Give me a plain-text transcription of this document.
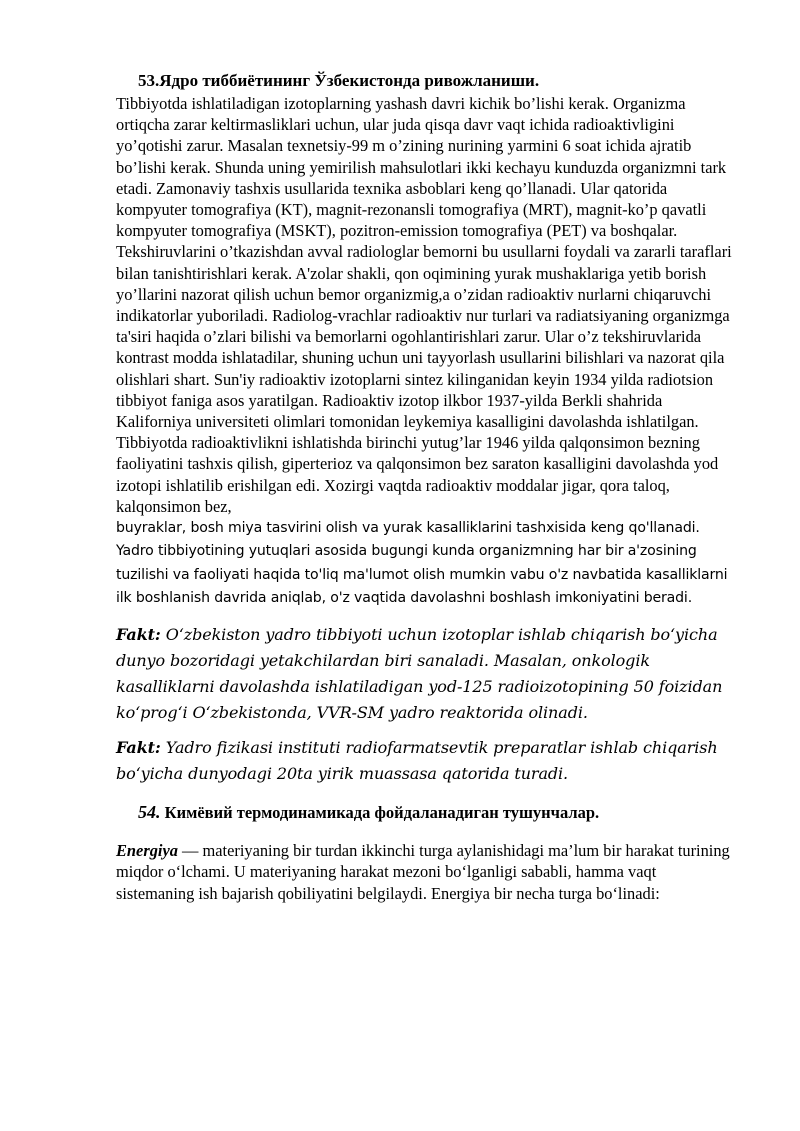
53.Ядро тиббиётининг Ўзбекистонда ривожланиши.

Tibbiyotda ishlatiladigan izotoplarning yashash davri kichik bo’lishi kerak. Organizma ortiqcha zarar keltirmasliklari uchun, ular juda qisqa davr vaqt ichida radioaktivligini yo’qotishi zarur. Masalan texnetsiy-99 m o’zining nurining yarmini 6 soat ichida ajratib bo’lishi kerak. Shunda uning yemirilish mahsulotlari ikki kechayu kunduzda organizmni tark etadi. Zamonaviy tashxis usullarida texnika asboblari keng qo’llanadi. Ular qatorida kompyuter tomografiya (KT), magnit-rezonansli tomografiya (MRT), magnit-ko’p qavatli kompyuter tomografiya (MSKT), pozitron-emission tomografiya (PET) va boshqalar. Tekshiruvlarini o’tkazishdan avval radiologlar bemorni bu usullarni foydali va zararli taraflari bilan tanishtirishlari kerak. A'zolar shakli, qon oqimining yurak mushaklariga yetib borish yo’llarini nazorat qilish uchun bemor organizmig,a o’zidan radioaktiv nurlarni chiqaruvchi indikatorlar yuboriladi. Radiolog-vrachlar radioaktiv nur turlari va radiatsiyaning organizmga ta'siri haqida o’zlari bilishi va bemorlarni ogohlantirishlari zarur. Ular o’z tekshiruvlarida kontrast modda ishlatadilar, shuning uchun uni tayyorlash usullarini bilishlari va nazorat qila olishlari shart. Sun'iy radioaktiv izotoplarni sintez kilinganidan keyin 1934 yilda radiotsion tibbiyot faniga asos yaratilgan. Radioaktiv izotop ilkbor 1937-yilda Berkli shahrida Kaliforniya universiteti olimlari tomonidan leykemiya kasalligini davolashda ishlatilgan. Tibbiyotda radioaktivlikni ishlatishda birinchi yutug’lar 1946 yilda qalqonsimon bezning faoliyatini tashxis qilish, giperterioz va qalqonsimon bez saraton kasalligini davolashda yod izotopi ishlatilib erishilgan edi. Xozirgi vaqtda radioaktiv moddalar jigar, qora taloq, kalqonsimon bez,

buyraklar, bosh miya tasvirini olish va yurak kasalliklarini tashxisida keng qo'llanadi. Yadro tibbiyotining yutuqlari asosida bugungi kunda organizmning har bir a'zosining tuzilishi va faoliyati haqida to'liq ma'lumot olish mumkin vabu o'z navbatida kasalliklarni ilk boshlanish davrida aniqlab, o'z vaqtida davolashni boshlash imkoniyatini beradi.

Fakt: O‘zbekiston yadro tibbiyoti uchun izotoplar ishlab chiqarish bo‘yicha dunyo bozoridagi yetakchilardan biri sanaladi. Masalan, onkologik kasalliklarni davolashda ishlatiladigan yod-125 radioizotopining 50 foizidan ko‘prog‘i O‘zbekistonda, VVR-SM yadro reaktorida olinadi.

Fakt: Yadro fizikasi instituti radiofarmatsevtik preparatlar ishlab chiqarish bo‘yicha dunyodagi 20ta yirik muassasa qatorida turadi.

54. Кимёвий термодинамикада фойдаланадиган тушунчалар.

Energiya — materiyaning bir turdan ikkinchi turga aylanishidagi ma’lum bir harakat turining miqdor o‘lchami. U materiyaning harakat mezoni bo‘lganligi sababli, hamma vaqt sistemaning ish bajarish qobiliyatini belgilaydi. Energiya bir necha turga bo‘linadi:
